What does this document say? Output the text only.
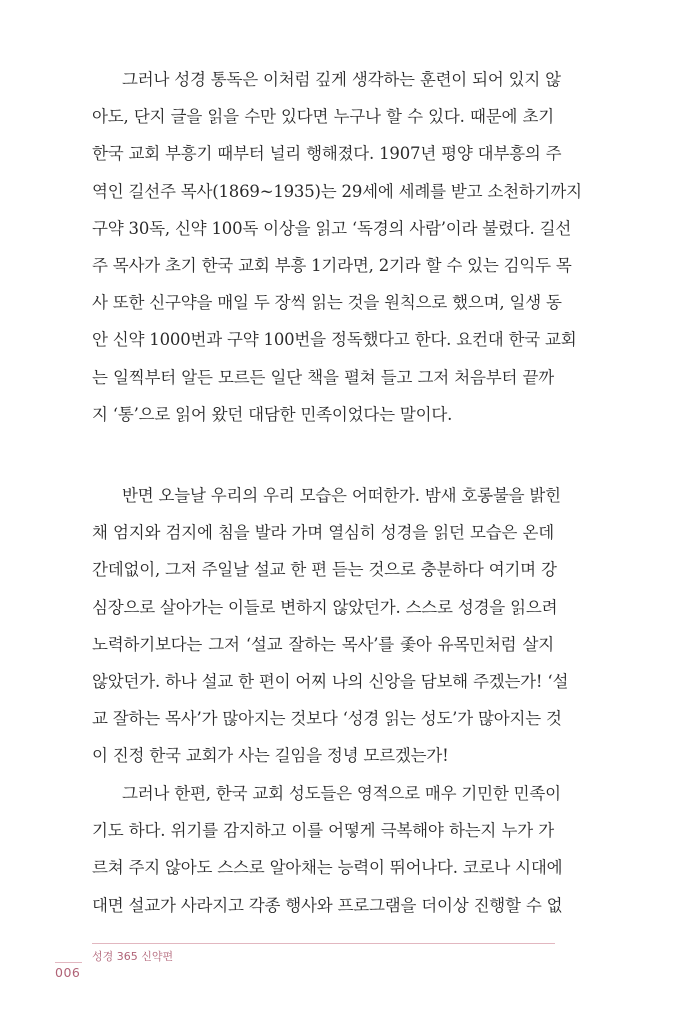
그러나 성경 통독은 이처럼 깊게 생각하는 훈련이 되어 있지 않
아도, 단지 글을 읽을 수만 있다면 누구나 할 수 있다. 때문에 초기
한국 교회 부흥기 때부터 널리 행해졌다. 1907년 평양 대부흥의 주
역인 길선주 목사(1869~1935)는 29세에 세례를 받고 소천하기까지
구약 30독, 신약 100독 이상을 읽고 ‘독경의 사람’이라 불렸다. 길선
주 목사가 초기 한국 교회 부흥 1기라면, 2기라 할 수 있는 김익두 목
사 또한 신구약을 매일 두 장씩 읽는 것을 원칙으로 했으며, 일생 동
안 신약 1000번과 구약 100번을 정독했다고 한다. 요컨대 한국 교회
는 일찍부터 알든 모르든 일단 책을 펼쳐 들고 그저 처음부터 끝까
지 ‘통’으로 읽어 왔던 대담한 민족이었다는 말이다.
반면 오늘날 우리의 우리 모습은 어떠한가. 밤새 호롱불을 밝힌
채 엄지와 검지에 침을 발라 가며 열심히 성경을 읽던 모습은 온데
간데없이, 그저 주일날 설교 한 편 듣는 것으로 충분하다 여기며 강
심장으로 살아가는 이들로 변하지 않았던가. 스스로 성경을 읽으려
노력하기보다는 그저 ‘설교 잘하는 목사’를 좇아 유목민처럼 살지
않았던가. 하나 설교 한 편이 어찌 나의 신앙을 담보해 주겠는가! ‘설
교 잘하는 목사’가 많아지는 것보다 ‘성경 읽는 성도’가 많아지는 것
이 진정 한국 교회가 사는 길임을 정녕 모르겠는가!
그러나 한편, 한국 교회 성도들은 영적으로 매우 기민한 민족이
기도 하다. 위기를 감지하고 이를 어떻게 극복해야 하는지 누가 가
르쳐 주지 않아도 스스로 알아채는 능력이 뛰어나다. 코로나 시대에
대면 설교가 사라지고 각종 행사와 프로그램을 더이상 진행할 수 없
성경 365 신약편
006
